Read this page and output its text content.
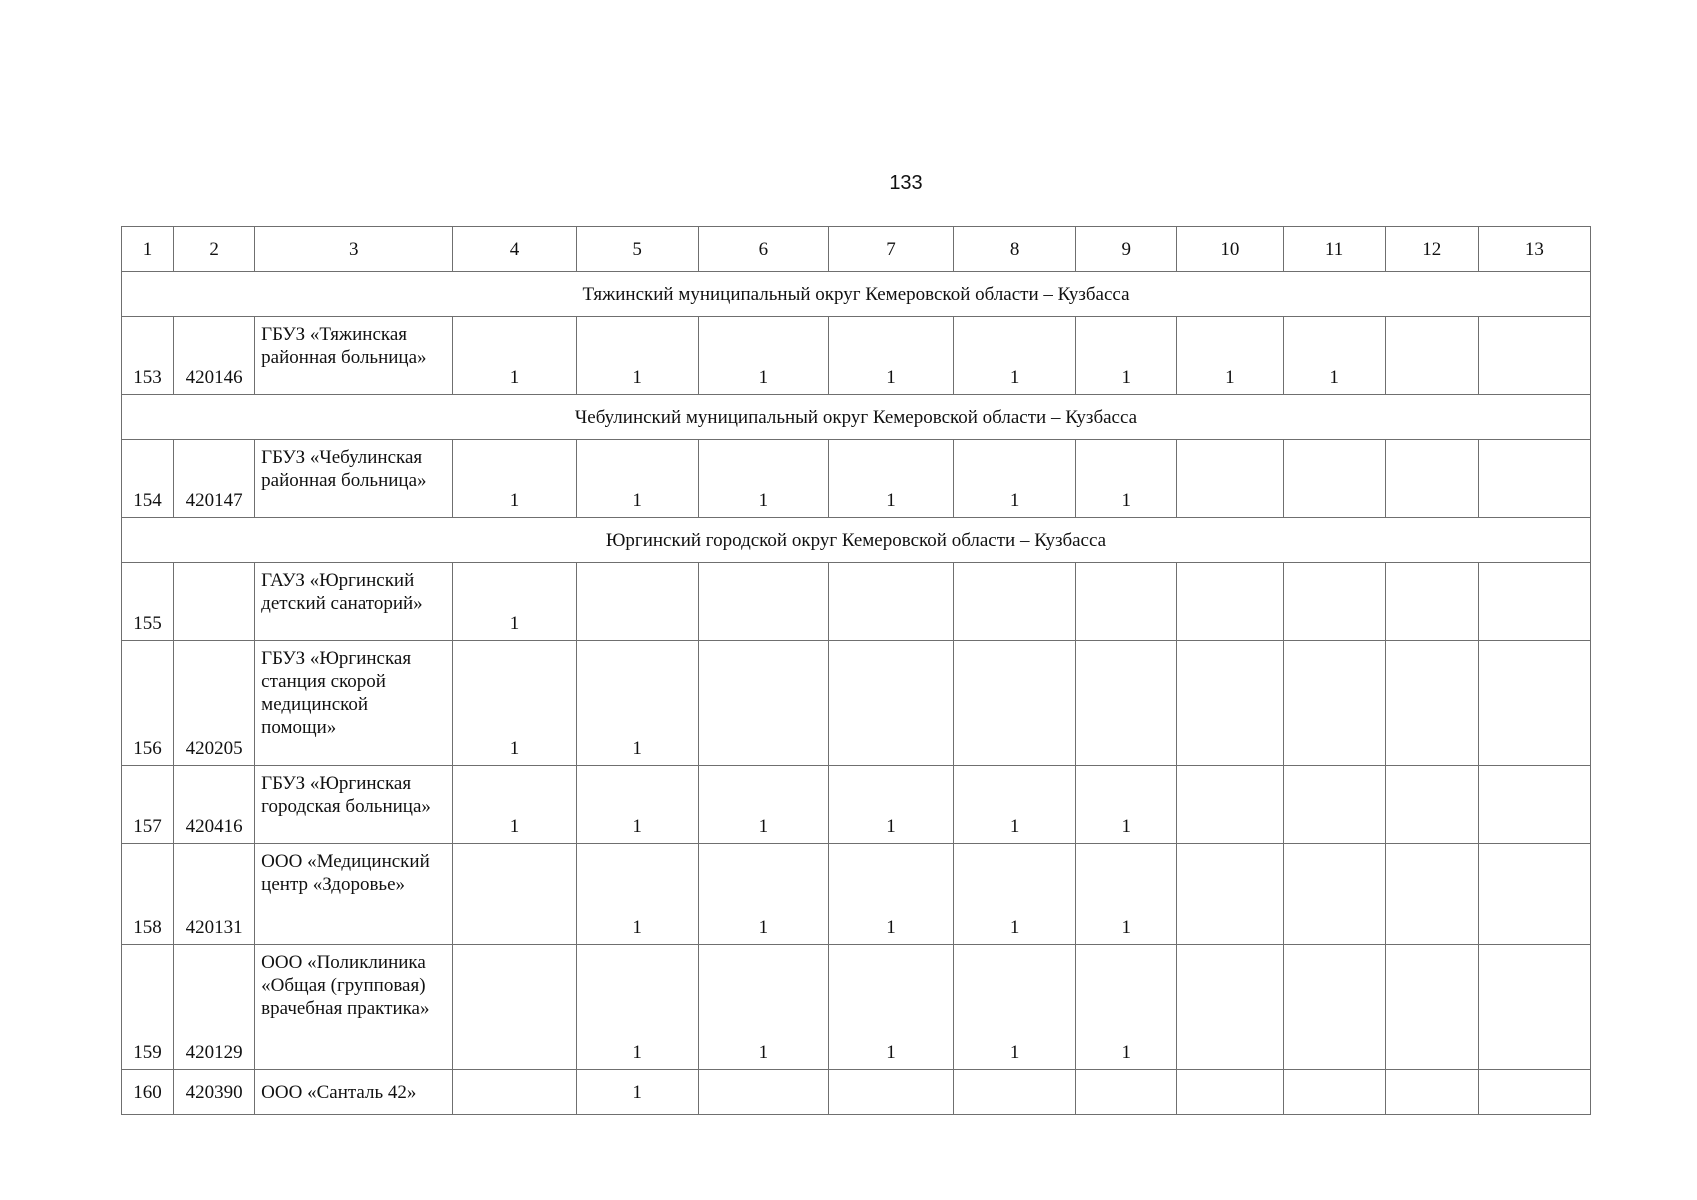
133
1	2	3	4	5	6	7	8	9	10	11	12	13
Тяжинский муниципальный округ Кемеровской области – Кузбасса												
153	420146	ГБУЗ «Тяжинская районная больница»	1	1	1	1	1	1	1	1		
Чебулинский муниципальный округ Кемеровской области – Кузбасса												
154	420147	ГБУЗ «Чебулинская районная больница»	1	1	1	1	1	1				
Юргинский городской округ Кемеровской области – Кузбасса												
155		ГАУЗ «Юргинский детский санаторий»	1									
156	420205	ГБУЗ «Юргинская станция скорой медицинской помощи»	1	1								
157	420416	ГБУЗ «Юргинская городская больница»	1	1	1	1	1	1				
158	420131	ООО «Медицинский центр «Здоровье»		1	1	1	1	1				
159	420129	ООО «Поликлиника «Общая (групповая) врачебная практика»		1	1	1	1	1				
160	420390	ООО «Санталь 42»		1								
